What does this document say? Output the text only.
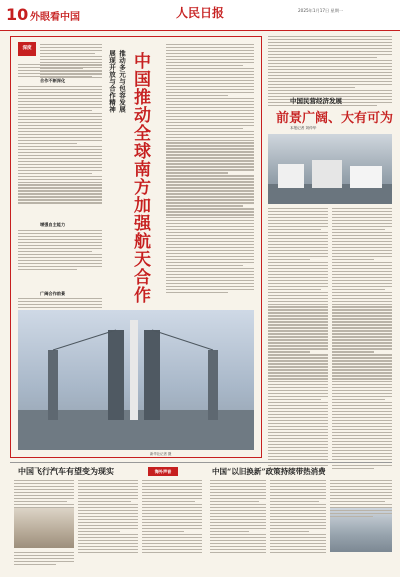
10 外眼看中国	人民日报	2025年1月17日 星期一
深度
合作不断深化
增强自主能力
广阔合作前景
展现开放与合作精神 推动多元与包容发展 中国推动全球南方加强航天合作
新华社记者 摄
中国民营经济发展
前景广阔、大有可为
本报记者 刘仲华
中国飞行汽车有望变为现实	海外声音	中国“以旧换新”政策持续带热消费
